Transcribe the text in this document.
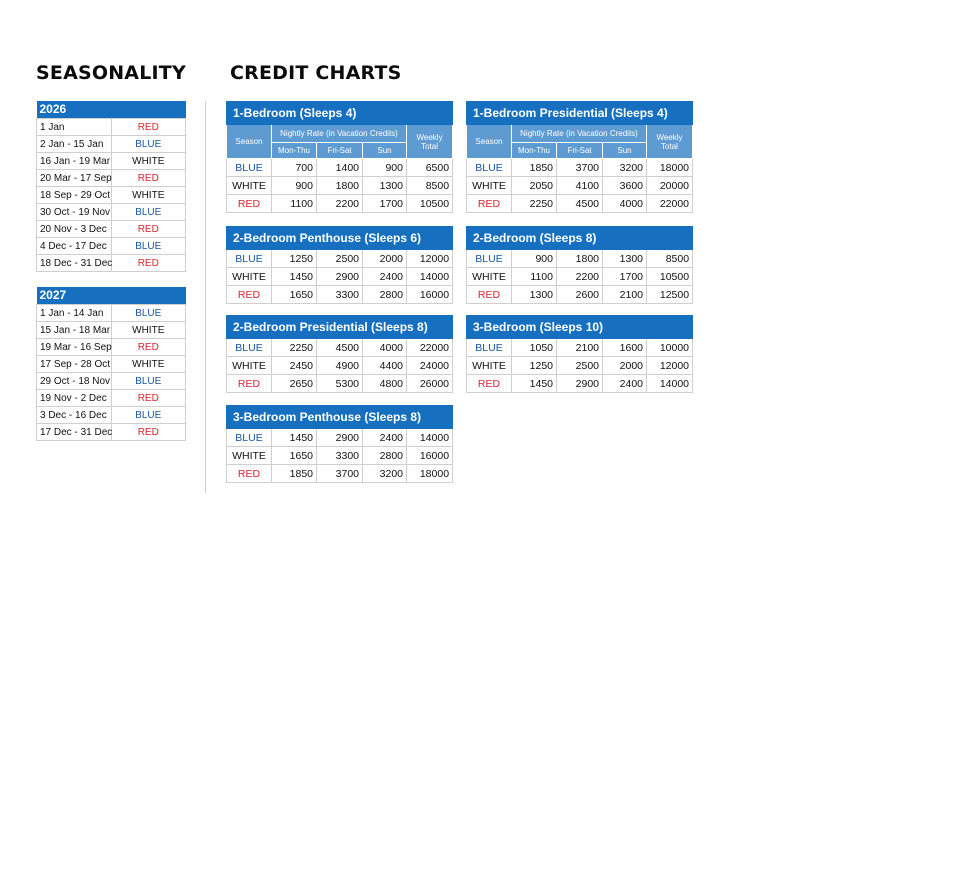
SEASONALITY CREDIT CHARTS
2026	
1 Jan	RED
2 Jan - 15 Jan	BLUE
16 Jan - 19 Mar	WHITE
20 Mar - 17 Sep	RED
18 Sep - 29 Oct	WHITE
30 Oct - 19 Nov	BLUE
20 Nov - 3 Dec	RED
4 Dec - 17 Dec	BLUE
18 Dec - 31 Dec	RED
2027	
1 Jan - 14 Jan	BLUE
15 Jan - 18 Mar	WHITE
19 Mar - 16 Sep	RED
17 Sep - 28 Oct	WHITE
29 Oct - 18 Nov	BLUE
19 Nov - 2 Dec	RED
3 Dec - 16 Dec	BLUE
17 Dec - 31 Dec	RED
1-Bedroom (Sleeps 4)				
Season	Nightly Rate (in Vacation Credits)			Weekly Total
	Mon-Thu	Fri-Sat	Sun	
BLUE	700	1400	900	6500
WHITE	900	1800	1300	8500
RED	1100	2200	1700	10500
1-Bedroom Presidential (Sleeps 4)				
Season	Nightly Rate (in Vacation Credits)			Weekly Total
	Mon-Thu	Fri-Sat	Sun	
BLUE	1850	3700	3200	18000
WHITE	2050	4100	3600	20000
RED	2250	4500	4000	22000
2-Bedroom Penthouse (Sleeps 6)				
BLUE	1250	2500	2000	12000
WHITE	1450	2900	2400	14000
RED	1650	3300	2800	16000
2-Bedroom (Sleeps 8)				
BLUE	900	1800	1300	8500
WHITE	1100	2200	1700	10500
RED	1300	2600	2100	12500
2-Bedroom Presidential (Sleeps 8)				
BLUE	2250	4500	4000	22000
WHITE	2450	4900	4400	24000
RED	2650	5300	4800	26000
3-Bedroom (Sleeps 10)				
BLUE	1050	2100	1600	10000
WHITE	1250	2500	2000	12000
RED	1450	2900	2400	14000
3-Bedroom Penthouse (Sleeps 8)				
BLUE	1450	2900	2400	14000
WHITE	1650	3300	2800	16000
RED	1850	3700	3200	18000
